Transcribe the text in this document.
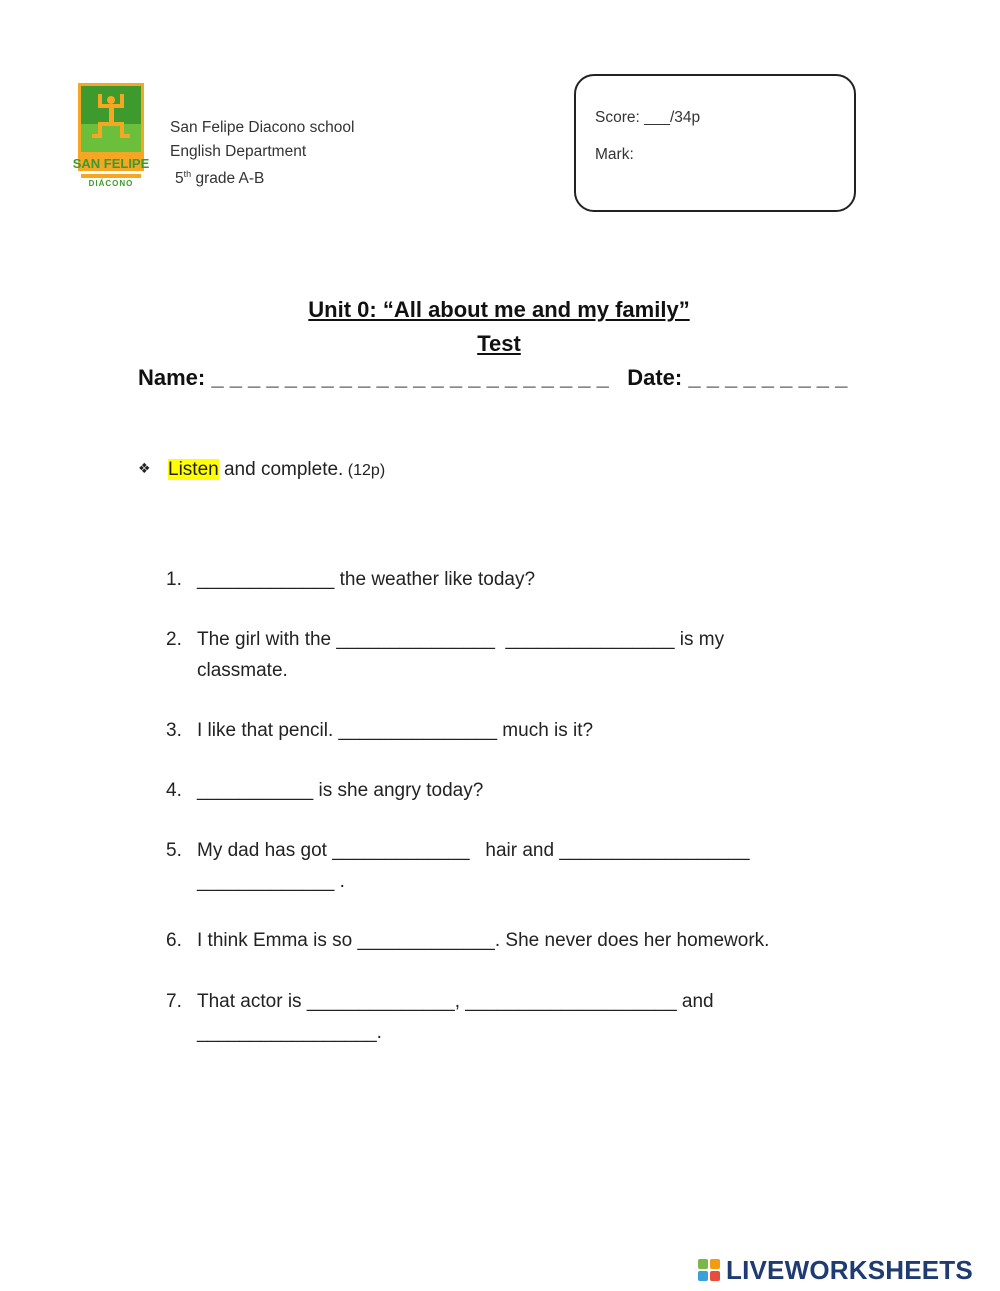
SAN FELIPE
DIÁCONO
San Felipe Diacono school
English Department
5th grade A-B
Score: ___/34p
Mark:
Unit 0: “All about me and my family”
Test
Name: _ _ _ _ _ _ _ _ _ _ _ _ _ _ _ _ _ _ _ _ _ _   Date: _ _ _ _ _ _ _ _ _
❖ Listen and complete. (12p)
1. _____________ the weather like today?
2. The girl with the _______________  ________________ is my
classmate.
3. I like that pencil. _______________ much is it?
4. ___________ is she angry today?
5. My dad has got _____________   hair and __________________
_____________ .
6. I think Emma is so _____________. She never does her homework.
7. That actor is ______________, ____________________ and
_________________.
LIVEWORKSHEETS
